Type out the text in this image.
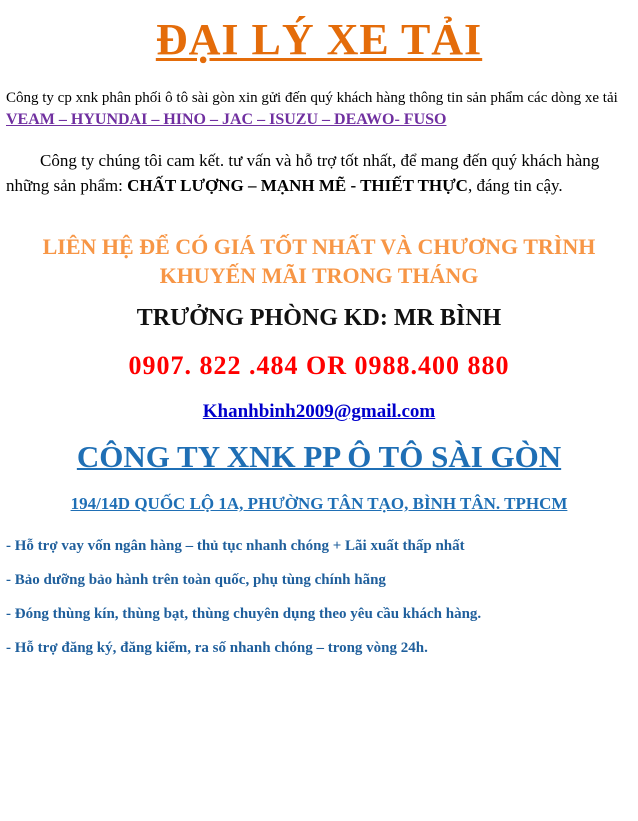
ĐẠI LÝ XE TẢI
Công ty cp xnk phân phối ô tô sài gòn xin gửi đến quý khách hàng thông tin sản phẩm các dòng xe tải VEAM – HYUNDAI – HINO – JAC – ISUZU – DEAWO- FUSO
Công ty chúng tôi cam kết. tư vấn và hỗ trợ tốt nhất, để mang đến quý khách hàng những sản phẩm: CHẤT LƯỢNG – MẠNH MẼ - THIẾT THỰC, đáng tin cậy.
LIÊN HỆ ĐỂ CÓ GIÁ TỐT NHẤT VÀ CHƯƠNG TRÌNH
KHUYẾN MÃI TRONG THÁNG
TRƯỞNG PHÒNG KD: MR BÌNH
0907. 822 .484 OR 0988.400 880
Khanhbinh2009@gmail.com
CÔNG TY XNK PP Ô TÔ SÀI GÒN
194/14D QUỐC LỘ 1A, PHƯỜNG TÂN TẠO, BÌNH TÂN. TPHCM
- Hỗ trợ vay vốn ngân hàng – thủ tục nhanh chóng + Lãi xuất thấp nhất
- Bảo dưỡng bảo hành trên toàn quốc, phụ tùng chính hãng
- Đóng thùng kín, thùng bạt, thùng chuyên dụng theo yêu cầu khách hàng.
- Hỗ trợ đăng ký, đăng kiểm, ra số nhanh chóng – trong vòng 24h.
